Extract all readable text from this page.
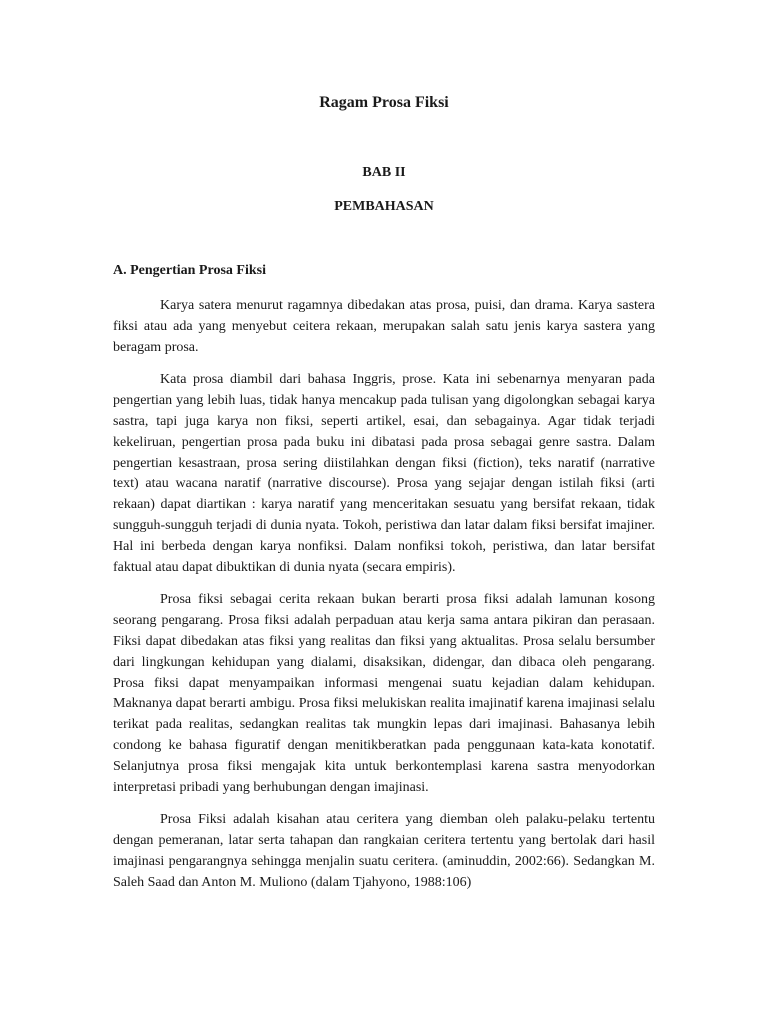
Ragam Prosa Fiksi
BAB II
PEMBAHASAN
A. Pengertian Prosa Fiksi

Karya satera menurut ragamnya dibedakan atas prosa, puisi, dan drama. Karya sastera fiksi atau ada yang menyebut ceitera rekaan, merupakan salah satu jenis karya sastera yang beragam prosa.

Kata prosa diambil dari bahasa Inggris, prose. Kata ini sebenarnya menyaran pada pengertian yang lebih luas, tidak hanya mencakup pada tulisan yang digolongkan sebagai karya sastra, tapi juga karya non fiksi, seperti artikel, esai, dan sebagainya. Agar tidak terjadi kekeliruan, pengertian prosa pada buku ini dibatasi pada prosa sebagai genre sastra. Dalam pengertian kesastraan, prosa sering diistilahkan dengan fiksi (fiction), teks naratif (narrative text) atau wacana naratif (narrative discourse). Prosa yang sejajar dengan istilah fiksi (arti rekaan) dapat diartikan : karya naratif yang menceritakan sesuatu yang bersifat rekaan, tidak sungguh-sungguh terjadi di dunia nyata. Tokoh, peristiwa dan latar dalam fiksi bersifat imajiner. Hal ini berbeda dengan karya nonfiksi. Dalam nonfiksi tokoh, peristiwa, dan latar bersifat faktual atau dapat dibuktikan di dunia nyata (secara empiris).

Prosa fiksi sebagai cerita rekaan bukan berarti prosa fiksi adalah lamunan kosong seorang pengarang. Prosa fiksi adalah perpaduan atau kerja sama antara pikiran dan perasaan. Fiksi dapat dibedakan atas fiksi yang realitas dan fiksi yang aktualitas. Prosa selalu bersumber dari lingkungan kehidupan yang dialami, disaksikan, didengar, dan dibaca oleh pengarang. Prosa fiksi dapat menyampaikan informasi mengenai suatu kejadian dalam kehidupan. Maknanya dapat berarti ambigu. Prosa fiksi melukiskan realita imajinatif karena imajinasi selalu terikat pada realitas, sedangkan realitas tak mungkin lepas dari imajinasi. Bahasanya lebih condong ke bahasa figuratif dengan menitikberatkan pada penggunaan kata-kata konotatif. Selanjutnya prosa fiksi mengajak kita untuk berkontemplasi karena sastra menyodorkan interpretasi pribadi yang berhubungan dengan imajinasi.

Prosa Fiksi adalah kisahan atau ceritera yang diemban oleh palaku-pelaku tertentu dengan pemeranan, latar serta tahapan dan rangkaian ceritera tertentu yang bertolak dari hasil imajinasi pengarangnya sehingga menjalin suatu ceritera. (aminuddin, 2002:66). Sedangkan M. Saleh Saad dan Anton M. Muliono (dalam Tjahyono, 1988:106)
